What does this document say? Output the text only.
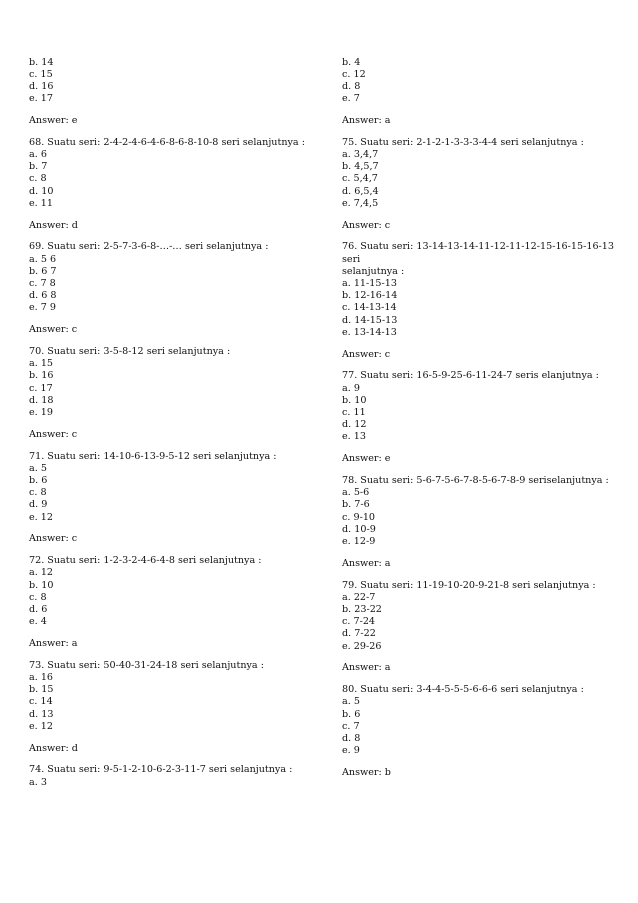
b. 14
c. 15
d. 16
e. 17
Answer: e
68. Suatu seri: 2-4-2-4-6-4-6-8-6-8-10-8 seri selanjutnya :
a. 6
b. 7
c. 8
d. 10
e. 11
Answer: d
69. Suatu seri: 2-5-7-3-6-8-…-… seri selanjutnya :
a. 5 6
b. 6 7
c. 7 8
d. 6 8
e. 7 9
Answer: c
70. Suatu seri: 3-5-8-12 seri selanjutnya :
a. 15
b. 16
c. 17
d. 18
e. 19
Answer: c
71. Suatu seri: 14-10-6-13-9-5-12 seri selanjutnya :
a. 5
b. 6
c. 8
d. 9
e. 12
Answer: c
72. Suatu seri: 1-2-3-2-4-6-4-8 seri selanjutnya :
a. 12
b. 10
c. 8
d. 6
e. 4
Answer: a
73. Suatu seri: 50-40-31-24-18 seri selanjutnya :
a. 16
b. 15
c. 14
d. 13
e. 12
Answer: d
74. Suatu seri: 9-5-1-2-10-6-2-3-11-7 seri selanjutnya :
a. 3
b. 4
c. 12
d. 8
e. 7
Answer: a
75. Suatu seri: 2-1-2-1-3-3-3-4-4 seri selanjutnya :
a. 3,4,7
b. 4,5,7
c. 5,4,7
d. 6,5,4
e. 7,4,5
Answer: c
76. Suatu seri: 13-14-13-14-11-12-11-12-15-16-15-16-13 seri
selanjutnya :
a. 11-15-13
b. 12-16-14
c. 14-13-14
d. 14-15-13
e. 13-14-13
Answer: c
77. Suatu seri: 16-5-9-25-6-11-24-7 seris elanjutnya :
a. 9
b. 10
c. 11
d. 12
e. 13
Answer: e
78. Suatu seri: 5-6-7-5-6-7-8-5-6-7-8-9 seriselanjutnya :
a. 5-6
b. 7-6
c. 9-10
d. 10-9
e. 12-9
Answer: a
79. Suatu seri: 11-19-10-20-9-21-8 seri selanjutnya :
a. 22-7
b. 23-22
c. 7-24
d. 7-22
e. 29-26
Answer: a
80. Suatu seri: 3-4-4-5-5-5-6-6-6 seri selanjutnya :
a. 5
b. 6
c. 7
d. 8
e. 9
Answer: b
